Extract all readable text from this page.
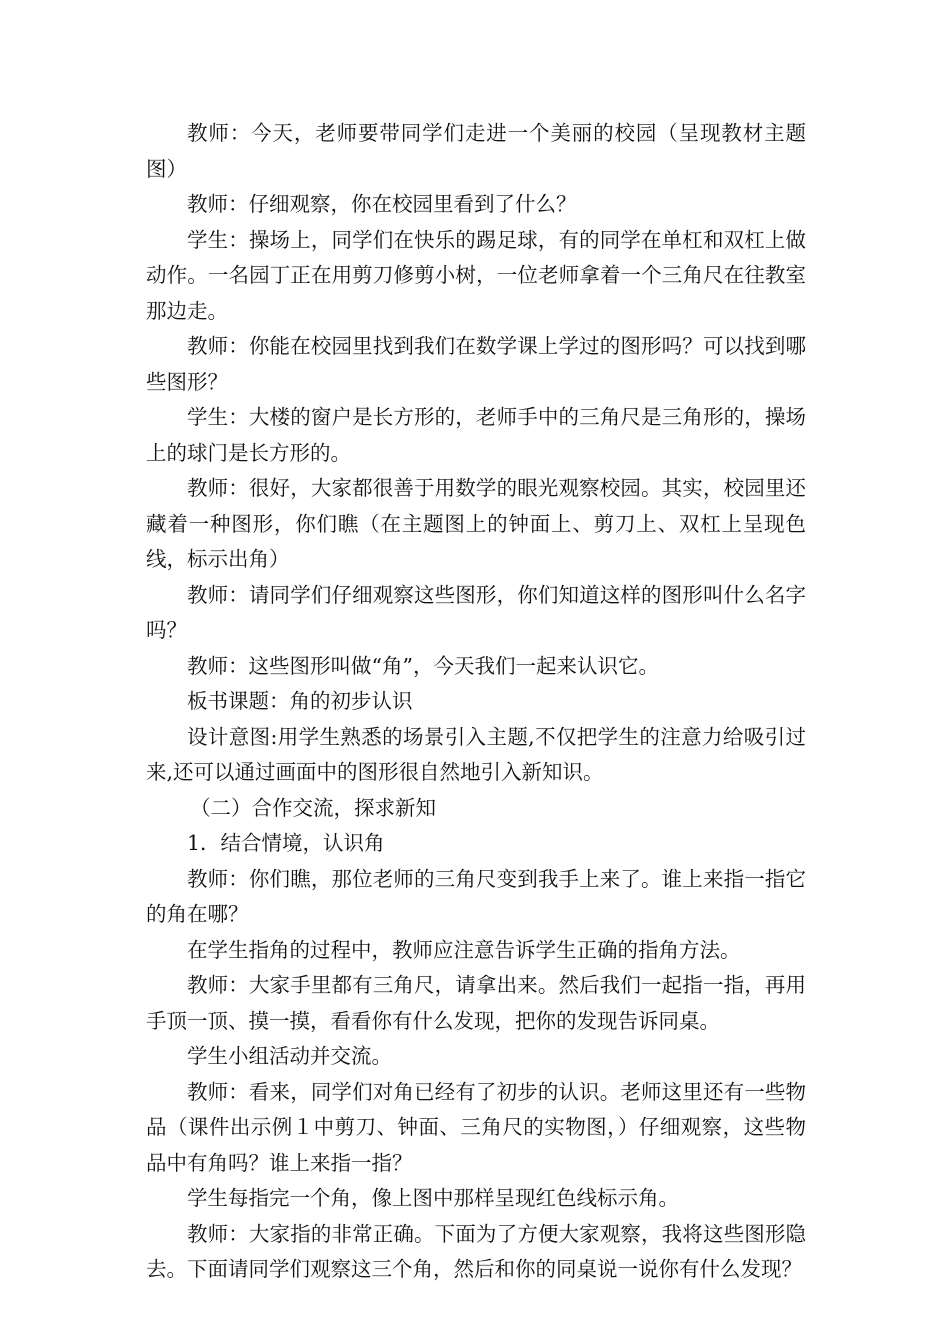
教师：今天，老师要带同学们走进一个美丽的校园（呈现教材主题图）

教师：仔细观察，你在校园里看到了什么？

学生：操场上，同学们在快乐的踢足球，有的同学在单杠和双杠上做动作。一名园丁正在用剪刀修剪小树，一位老师拿着一个三角尺在往教室那边走。

教师：你能在校园里找到我们在数学课上学过的图形吗？可以找到哪些图形？

学生：大楼的窗户是长方形的，老师手中的三角尺是三角形的，操场上的球门是长方形的。

教师：很好，大家都很善于用数学的眼光观察校园。其实，校园里还藏着一种图形，你们瞧（在主题图上的钟面上、剪刀上、双杠上呈现色线，标示出角）

教师：请同学们仔细观察这些图形，你们知道这样的图形叫什么名字吗？

教师：这些图形叫做“角”，今天我们一起来认识它。

板书课题：角的初步认识

设计意图:用学生熟悉的场景引入主题,不仅把学生的注意力给吸引过来,还可以通过画面中的图形很自然地引入新知识。

（二）合作交流，探求新知

1．结合情境，认识角

教师：你们瞧，那位老师的三角尺变到我手上来了。谁上来指一指它的角在哪？

在学生指角的过程中，教师应注意告诉学生正确的指角方法。

教师：大家手里都有三角尺，请拿出来。然后我们一起指一指，再用手顶一顶、摸一摸，看看你有什么发现，把你的发现告诉同桌。

学生小组活动并交流。

教师：看来，同学们对角已经有了初步的认识。老师这里还有一些物品（课件出示例１中剪刀、钟面、三角尺的实物图，）仔细观察，这些物品中有角吗？谁上来指一指？

学生每指完一个角，像上图中那样呈现红色线标示角。

教师：大家指的非常正确。下面为了方便大家观察，我将这些图形隐去。下面请同学们观察这三个角，然后和你的同桌说一说你有什么发现？
